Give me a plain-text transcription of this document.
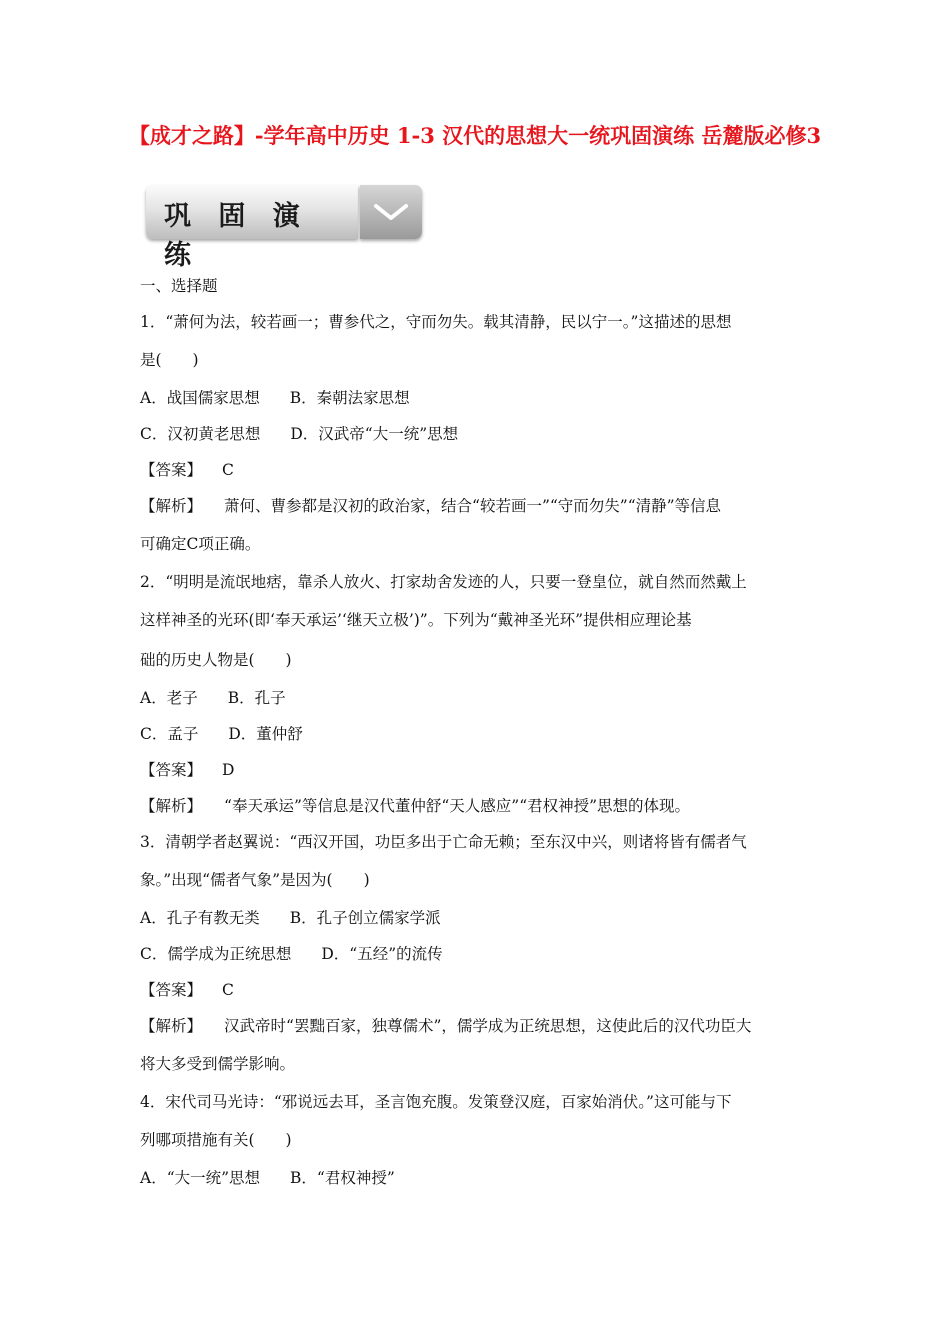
【成才之路】-学年高中历史 1-3 汉代的思想大一统巩固演练 岳麓版必修3
巩 固 演 练

一、选择题

1．“萧何为法，较若画一；曹参代之，守而勿失。载其清静，民以宁一。”这描述的思想

是(　　)

A．战国儒家思想 B．秦朝法家思想

C．汉初黄老思想 D．汉武帝“大一统”思想

【答案】 C

【解析】 萧何、曹参都是汉初的政治家，结合“较若画一”“守而勿失”“清静”等信息

可确定C项正确。

2．“明明是流氓地痞，靠杀人放火、打家劫舍发迹的人，只要一登皇位，就自然而然戴上

这样神圣的光环(即‘奉天承运’‘继天立极’)”。下列为“戴神圣光环”提供相应理论基

础的历史人物是(　　)

A．老子 B．孔子

C．孟子 D．董仲舒

【答案】 D

【解析】 “奉天承运”等信息是汉代董仲舒“天人感应”“君权神授”思想的体现。

3．清朝学者赵翼说：“西汉开国，功臣多出于亡命无赖；至东汉中兴，则诸将皆有儒者气

象。”出现“儒者气象”是因为(　　)

A．孔子有教无类 B．孔子创立儒家学派

C．儒学成为正统思想 D．“五经”的流传

【答案】 C

【解析】 汉武帝时“罢黜百家，独尊儒术”，儒学成为正统思想，这使此后的汉代功臣大

将大多受到儒学影响。

4．宋代司马光诗：“邪说远去耳，圣言饱充腹。发策登汉庭，百家始消伏。”这可能与下

列哪项措施有关(　　)

A．“大一统”思想 B．“君权神授”
